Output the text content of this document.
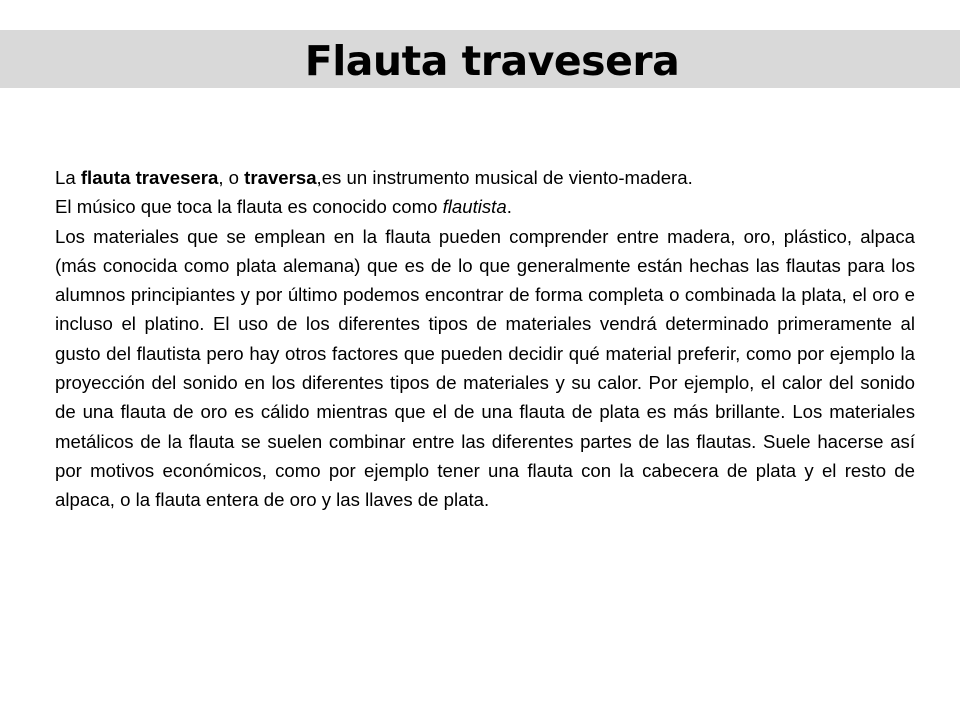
Flauta travesera

La flauta travesera, o traversa,es un instrumento musical de viento-madera.
El músico que toca la flauta es conocido como flautista.

Los materiales que se emplean en la flauta pueden comprender entre madera, oro, plástico, alpaca (más conocida como plata alemana) que es de lo que generalmente están hechas las flautas para los alumnos principiantes y por último podemos encontrar de forma completa o combinada la plata, el oro e incluso el platino. El uso de los diferentes tipos de materiales vendrá determinado primeramente al gusto del flautista pero hay otros factores que pueden decidir qué material preferir, como por ejemplo la proyección del sonido en los diferentes tipos de materiales y su calor. Por ejemplo, el calor del sonido de una flauta de oro es cálido mientras que el de una flauta de plata es más brillante. Los materiales metálicos de la flauta se suelen combinar entre las diferentes partes de las flautas. Suele hacerse así por motivos económicos, como por ejemplo tener una flauta con la cabecera de plata y el resto de alpaca, o la flauta entera de oro y las llaves de plata.
